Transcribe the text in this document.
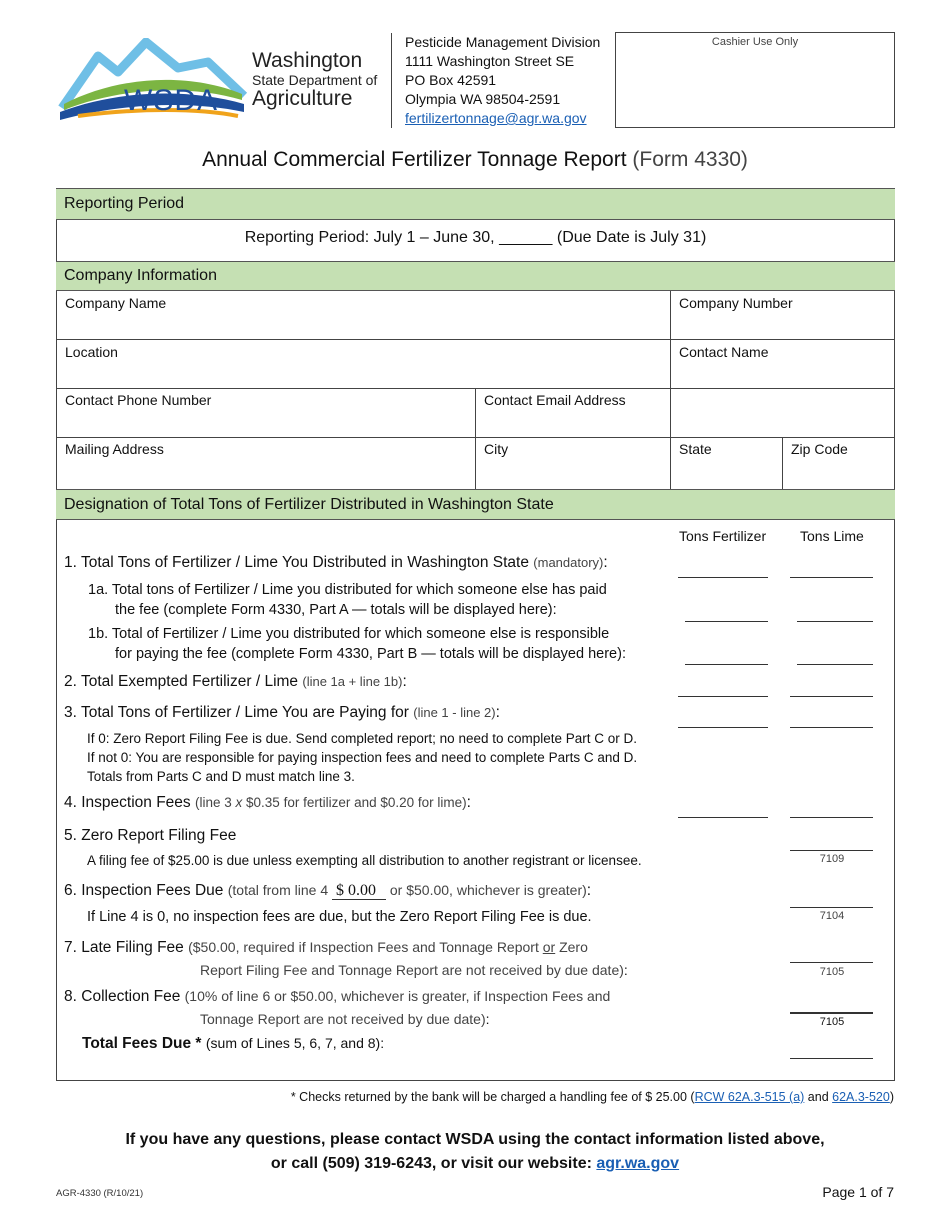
WSDA
Washington
State Department of
Agriculture
Pesticide Management Division
1111 Washington Street SE
PO Box 42591
Olympia WA 98504-2591
fertilizertonnage@agr.wa.gov
Cashier Use Only
Annual Commercial Fertilizer Tonnage Report (Form 4330)
Reporting Period
Reporting Period: July 1 – June 30, ______ (Due Date is July 31)
Company Information
Company Name	Company Number
Location	Contact Name
Contact Phone Number	Contact Email Address
Mailing Address	City	State	Zip Code
Designation of Total Tons of Fertilizer Distributed in Washington State
Tons Fertilizer Tons Lime
1. Total Tons of Fertilizer / Lime You Distributed in Washington State (mandatory):
1a. Total tons of Fertilizer / Lime you distributed for which someone else has paid
the fee (complete Form 4330, Part A — totals will be displayed here):
1b. Total of Fertilizer / Lime you distributed for which someone else is responsible
for paying the fee (complete Form 4330, Part B — totals will be displayed here):
2. Total Exempted Fertilizer / Lime (line 1a + line 1b):
3. Total Tons of Fertilizer / Lime You are Paying for (line 1 - line 2):
If 0: Zero Report Filing Fee is due. Send completed report; no need to complete Part C or D.
If not 0: You are responsible for paying inspection fees and need to complete Parts C and D.
Totals from Parts C and D must match line 3.
4. Inspection Fees (line 3 x $0.35 for fertilizer and $0.20 for lime):
5. Zero Report Filing Fee
A filing fee of $25.00 is due unless exempting all distribution to another registrant or licensee.	7109
6. Inspection Fees Due (total from line 4 $ 0.00 or $50.00, whichever is greater):
If Line 4 is 0, no inspection fees are due, but the Zero Report Filing Fee is due.	7104
7. Late Filing Fee ($50.00, required if Inspection Fees and Tonnage Report or Zero
Report Filing Fee and Tonnage Report are not received by due date):	7105
8. Collection Fee (10% of line 6 or $50.00, whichever is greater, if Inspection Fees and
Tonnage Report are not received by due date):	7105
Total Fees Due * (sum of Lines 5, 6, 7, and 8):
* Checks returned by the bank will be charged a handling fee of $ 25.00 (RCW 62A.3-515 (a) and 62A.3-520)
If you have any questions, please contact WSDA using the contact information listed above,
or call (509) 319-6243, or visit our website: agr.wa.gov
AGR-4330 (R/10/21)	Page 1 of 7
